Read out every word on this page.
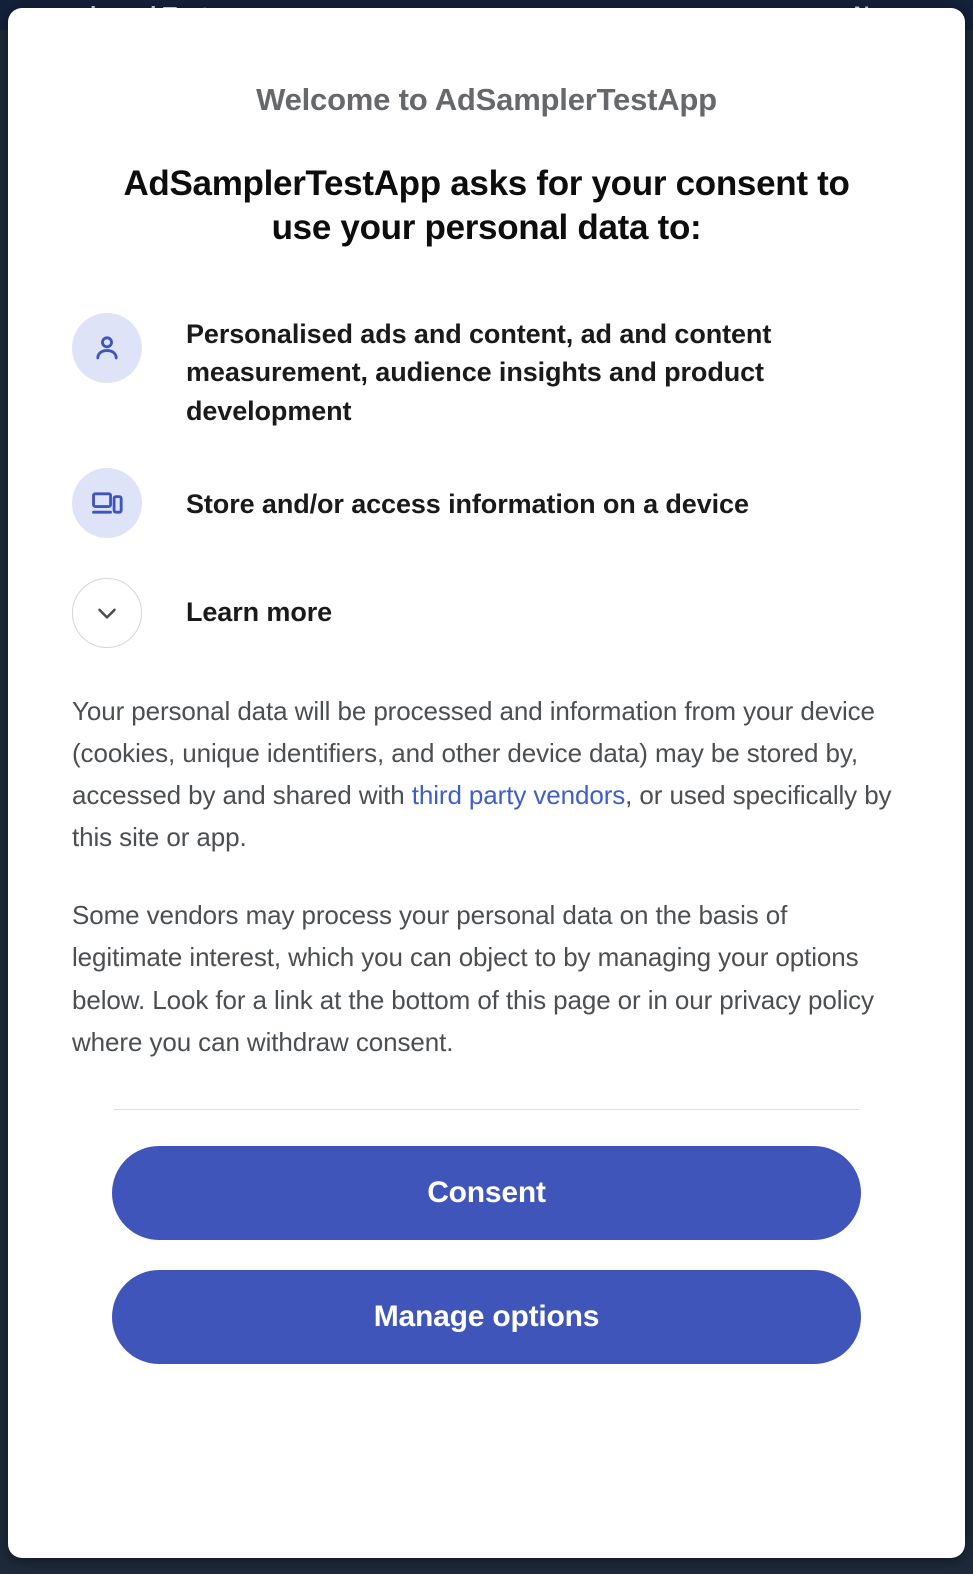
Welcome to AdSamplerTestApp
AdSamplerTestApp asks for your consent to use your personal data to:
Personalised ads and content, ad and content measurement, audience insights and product development
Store and/or access information on a device
Learn more
Your personal data will be processed and information from your device (cookies, unique identifiers, and other device data) may be stored by, accessed by and shared with third party vendors, or used specifically by this site or app.
Some vendors may process your personal data on the basis of legitimate interest, which you can object to by managing your options below. Look for a link at the bottom of this page or in our privacy policy where you can withdraw consent.
Consent
Manage options
